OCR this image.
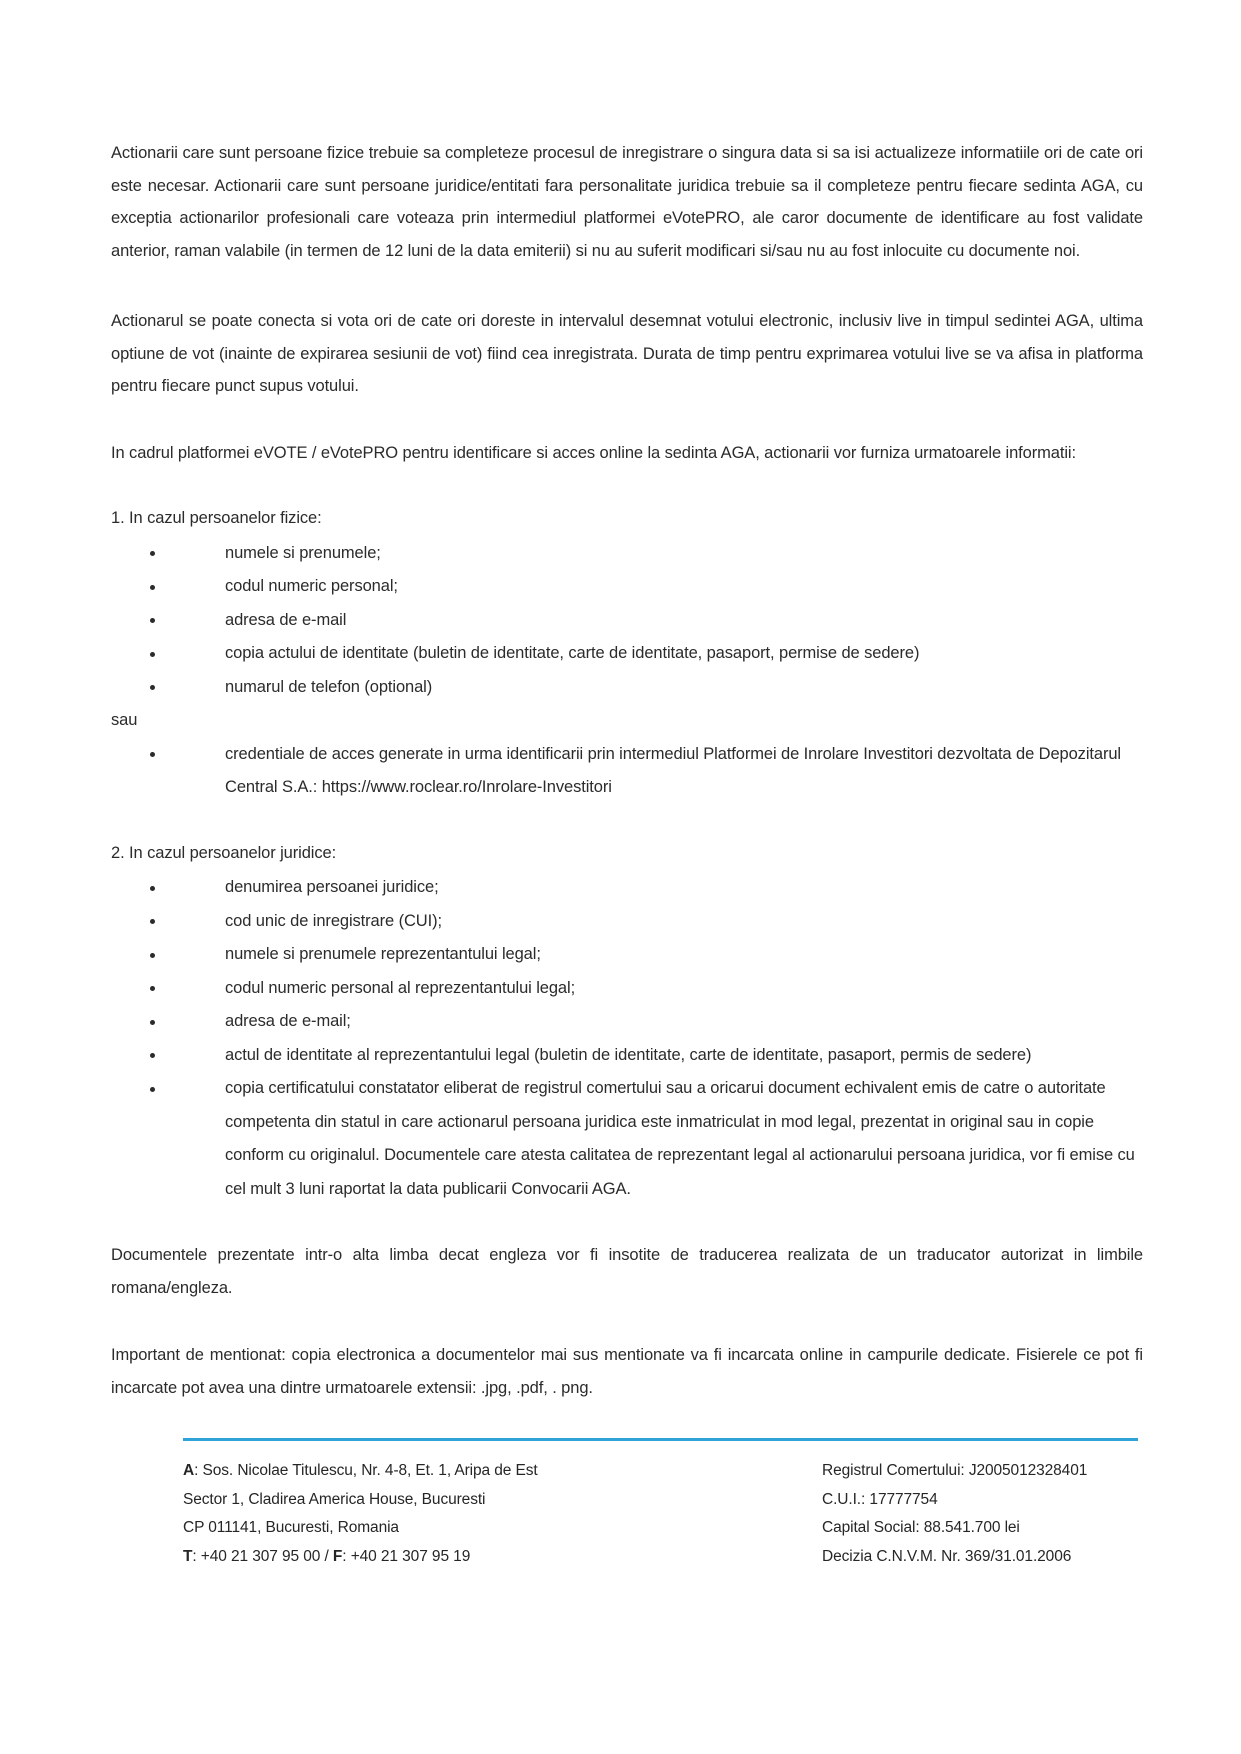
Actionarii care sunt persoane fizice trebuie sa completeze procesul de inregistrare o singura data si sa isi actualizeze informatiile ori de cate ori este necesar. Actionarii care sunt persoane juridice/entitati fara personalitate juridica trebuie sa il completeze pentru fiecare sedinta AGA, cu exceptia actionarilor profesionali care voteaza prin intermediul platformei eVotePRO, ale caror documente de identificare au fost validate anterior, raman valabile (in termen de 12 luni de la data emiterii) si nu au suferit modificari si/sau nu au fost inlocuite cu documente noi.

Actionarul se poate conecta si vota ori de cate ori doreste in intervalul desemnat votului electronic, inclusiv live in timpul sedintei AGA, ultima optiune de vot (inainte de expirarea sesiunii de vot) fiind cea inregistrata. Durata de timp pentru exprimarea votului live se va afisa in platforma pentru fiecare punct supus votului.

In cadrul platformei eVOTE / eVotePRO pentru identificare si acces online la sedinta AGA, actionarii vor furniza urmatoarele informatii:

1. In cazul persoanelor fizice:

numele si prenumele;
codul numeric personal;
adresa de e-mail
copia actului de identitate (buletin de identitate, carte de identitate, pasaport, permise de sedere)
numarul de telefon (optional)

sau

credentiale de acces generate in urma identificarii prin intermediul Platformei de Inrolare Investitori dezvoltata de Depozitarul Central S.A.: https://www.roclear.ro/Inrolare-Investitori

2. In cazul persoanelor juridice:

denumirea persoanei juridice;
cod unic de inregistrare (CUI);
numele si prenumele reprezentantului legal;
codul numeric personal al reprezentantului legal;
adresa de e-mail;
actul de identitate al reprezentantului legal (buletin de identitate, carte de identitate, pasaport, permis de sedere)
copia certificatului constatator eliberat de registrul comertului sau a oricarui document echivalent emis de catre o autoritate competenta din statul in care actionarul persoana juridica este inmatriculat in mod legal, prezentat in original sau in copie conform cu originalul. Documentele care atesta calitatea de reprezentant legal al actionarului persoana juridica, vor fi emise cu cel mult 3 luni raportat la data publicarii Convocarii AGA.

Documentele prezentate intr-o alta limba decat engleza vor fi insotite de traducerea realizata de un traducator autorizat in limbile romana/engleza.

Important de mentionat: copia electronica a documentelor mai sus mentionate va fi incarcata online in campurile dedicate. Fisierele ce pot fi incarcate pot avea una dintre urmatoarele extensii: .jpg, .pdf, . png.

A: Sos. Nicolae Titulescu, Nr. 4-8, Et. 1, Aripa de Est
Sector 1, Cladirea America House, Bucuresti
CP 011141, Bucuresti, Romania
T: +40 21 307 95 00 / F: +40 21 307 95 19
Registrul Comertului: J2005012328401
C.U.I.: 17777754
Capital Social: 88.541.700 lei
Decizia C.N.V.M. Nr. 369/31.01.2006
